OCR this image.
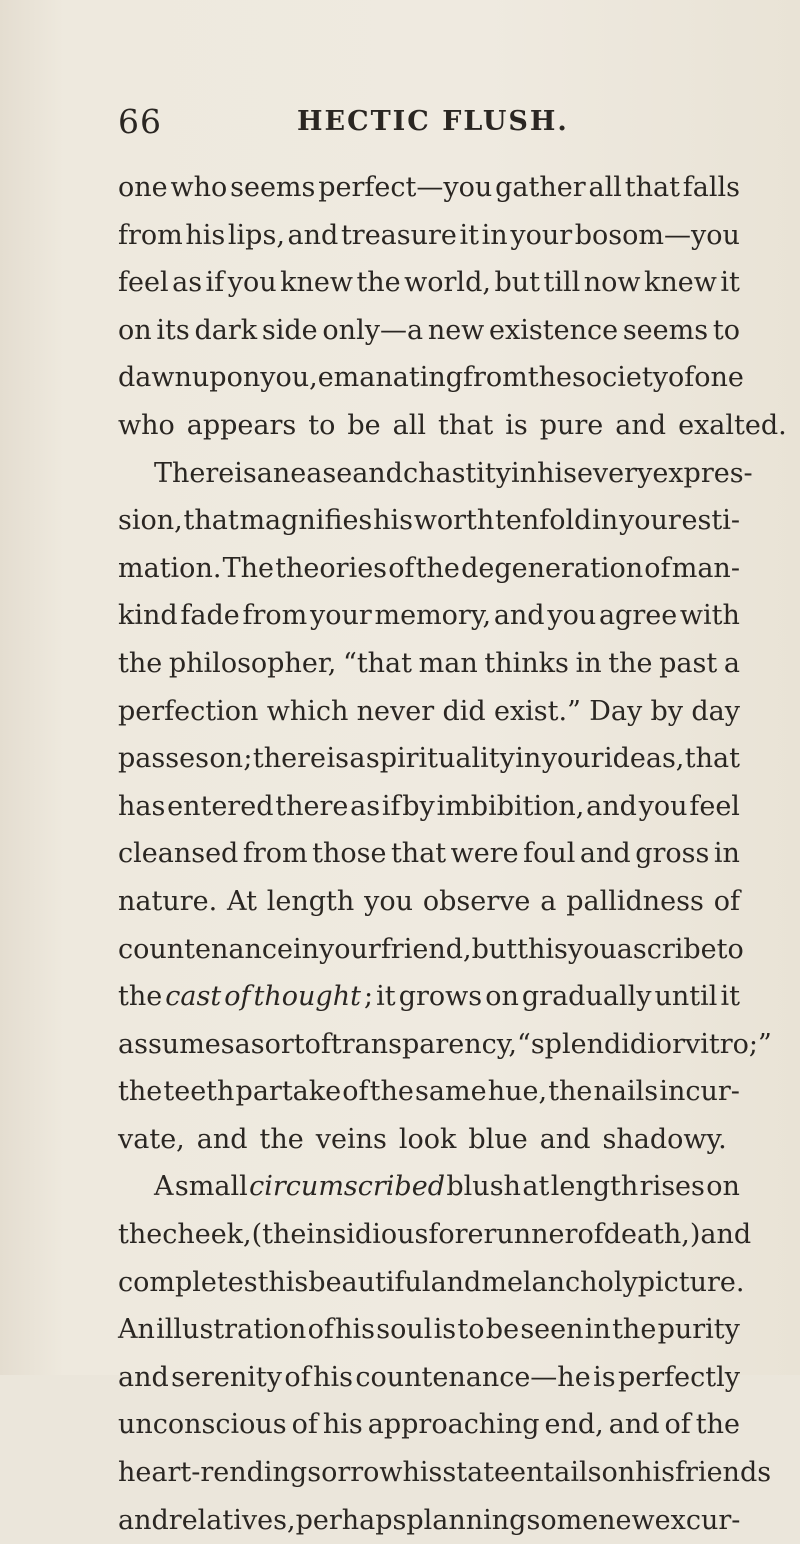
66	HECTIC FLUSH.
one who seems perfect—you gather all that falls
from his lips, and treasure it in your bosom—you
feel as if you knew the world, but till now knew it
on its dark side only—a new existence seems to
dawn upon you, emanating from the society of one
who appears to be all that is pure and exalted.
There is an ease and chastity in his every expres-
sion, that magnifies his worth tenfold in your esti-
mation. The theories of the degeneration of man-
kind fade from your memory, and you agree with
the philosopher, “that man thinks in the past a
perfection which never did exist.” Day by day
passes on ; there is a spirituality in your ideas, that
has entered there as if by imbibition, and you feel
cleansed from those that were foul and gross in
nature. At length you observe a pallidness of
countenance in your friend, but this you ascribe to
the cast of thought ; it grows on gradually until it
assumes a sort of transparency, “ splendidior vitro ;”
the teeth partake of the same hue, the nails incur-
vate, and the veins look blue and shadowy.
A small circumscribed blush at length rises on
the cheek, (the insidious forerunner of death,) and
completes this beautiful and melancholy picture.
An illustration of his soul is to be seen in the purity
and serenity of his countenance—he is perfectly
unconscious of his approaching end, and of the
heart-rending sorrow his state entails on his friends
and relatives, perhaps planning some new excur-
